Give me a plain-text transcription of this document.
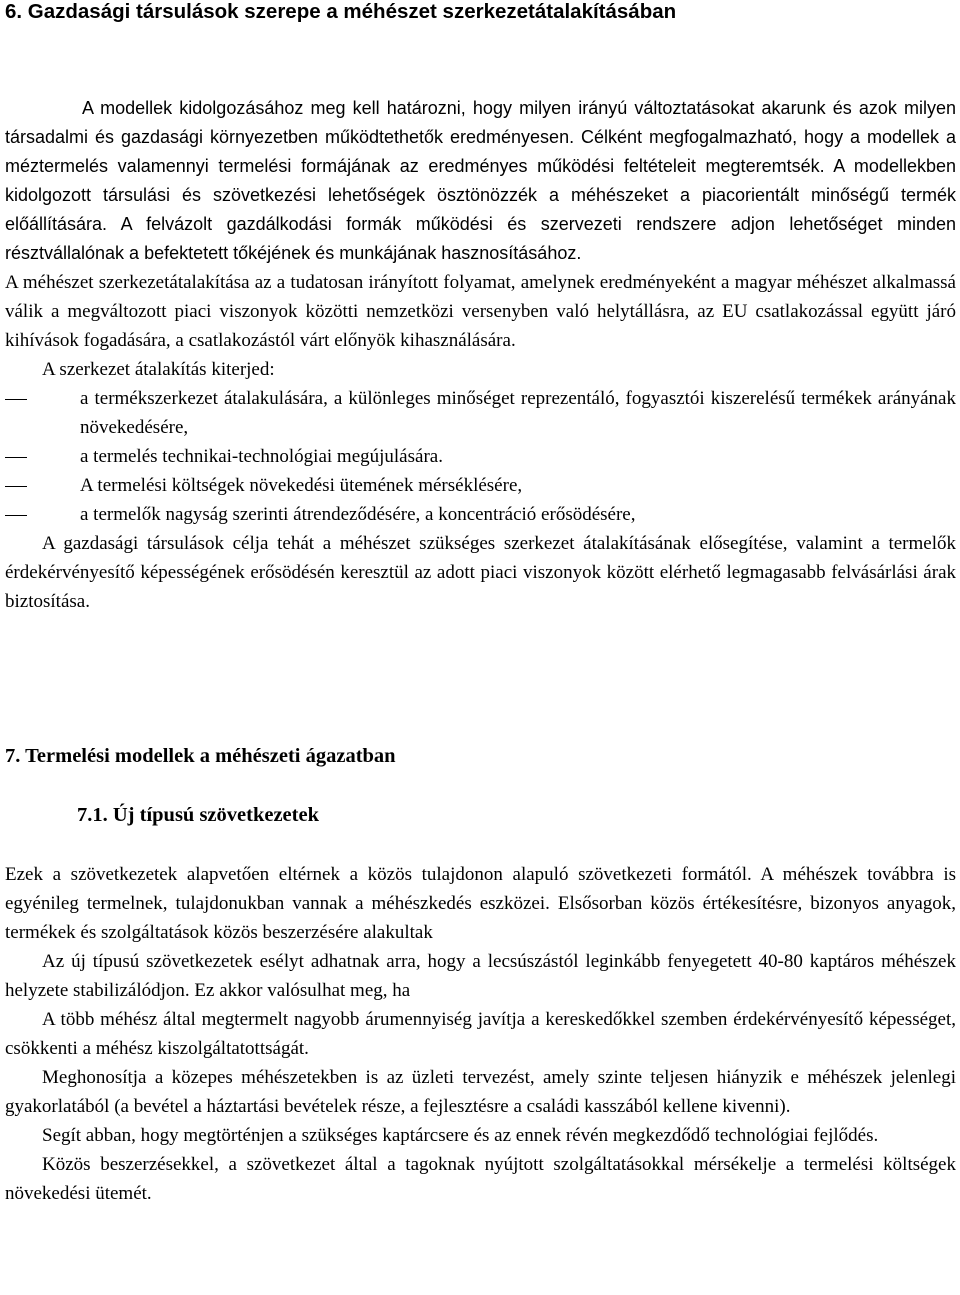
6. Gazdasági társulások szerepe a méhészet szerkezetátalakításában

A modellek kidolgozásához meg kell határozni, hogy milyen irányú változtatásokat akarunk és azok milyen társadalmi és gazdasági környezetben működtethetők eredményesen. Célként megfogalmazható, hogy a modellek a méztermelés valamennyi termelési formájának az eredményes működési feltételeit megteremtsék. A modellekben kidolgozott társulási és szövetkezési lehetőségek ösztönözzék a méhészeket a piacorientált minőségű termék előállítására. A felvázolt gazdálkodási formák működési és szervezeti rendszere adjon lehetőséget minden résztvállalónak a befektetett tőkéjének és munkájának hasznosításához.

A méhészet szerkezetátalakítása az a tudatosan irányított folyamat, amelynek eredményeként a magyar méhészet alkalmassá válik a megváltozott piaci viszonyok közötti nemzetközi versenyben való helytállásra, az EU csatlakozással együtt járó kihívások fogadására, a csatlakozástól várt előnyök kihasználására.

A szerkezet átalakítás kiterjed:

a termékszerkezet átalakulására, a különleges minőséget reprezentáló, fogyasztói kiszerelésű termékek arányának növekedésére,
a termelés technikai-technológiai megújulására.
A termelési költségek növekedési ütemének mérséklésére,
a termelők nagyság szerinti átrendeződésére, a koncentráció erősödésére,

A gazdasági társulások célja tehát a méhészet szükséges szerkezet átalakításának elősegítése, valamint a termelők érdekérvényesítő képességének erősödésén keresztül az adott piaci viszonyok között elérhető legmagasabb felvásárlási árak biztosítása.

7. Termelési modellek a méhészeti ágazatban
7.1. Új típusú szövetkezetek

Ezek a szövetkezetek alapvetően eltérnek a közös tulajdonon alapuló szövetkezeti formától. A méhészek továbbra is egyénileg termelnek, tulajdonukban vannak a méhészkedés eszközei. Elsősorban közös értékesítésre, bizonyos anyagok, termékek és szolgáltatások közös beszerzésére alakultak

Az új típusú szövetkezetek esélyt adhatnak arra, hogy a lecsúszástól leginkább fenyegetett 40-80 kaptáros méhészek helyzete stabilizálódjon. Ez akkor valósulhat meg, ha

A több méhész által megtermelt nagyobb árumennyiség javítja a kereskedőkkel szemben érdekérvényesítő képességet, csökkenti a méhész kiszolgáltatottságát.

Meghonosítja a közepes méhészetekben is az üzleti tervezést, amely szinte teljesen hiányzik e méhészek jelenlegi gyakorlatából (a bevétel a háztartási bevételek része, a fejlesztésre a családi kasszából kellene kivenni).

Segít abban, hogy megtörténjen a szükséges kaptárcsere és az ennek révén megkezdődő technológiai fejlődés.

Közös beszerzésekkel, a szövetkezet által a tagoknak nyújtott szolgáltatásokkal mérsékelje a termelési költségek növekedési ütemét.
